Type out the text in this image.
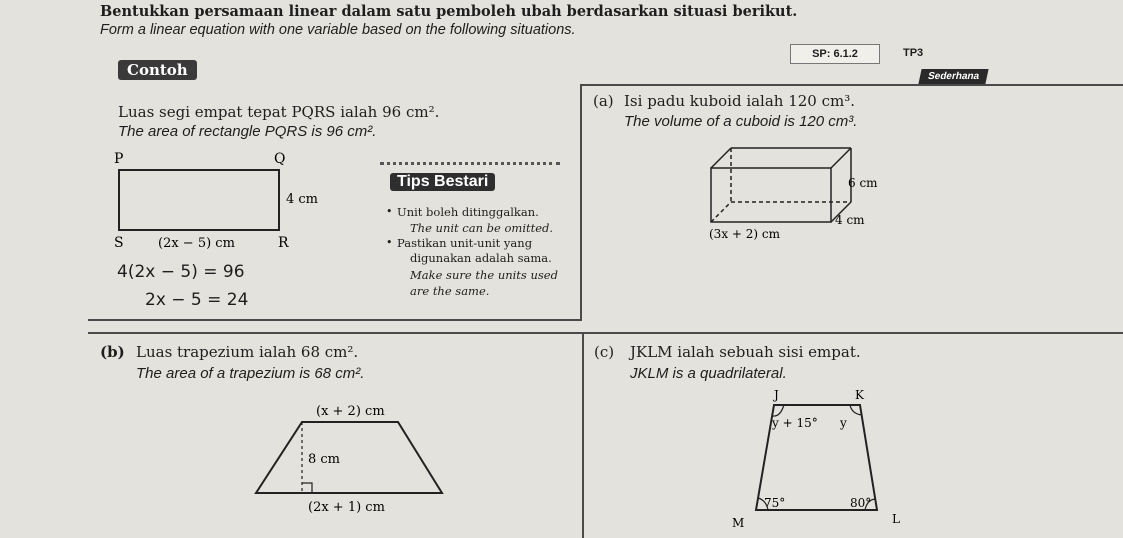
Bentukkan persamaan linear dalam satu pemboleh ubah berdasarkan situasi berikut.
Form a linear equation with one variable based on the following situations.
SP: 6.1.2	TP3
Sederhana
Contoh
Luas segi empat tepat PQRS ialah 96 cm².
The area of rectangle PQRS is 96 cm².
P	Q
S	R
4 cm
(2x − 5) cm
4(2x − 5) = 96
2x − 5 = 24
Tips Bestari
Unit boleh ditinggalkan.
•
The unit can be omitted.
• Pastikan unit-unit yang
digunakan adalah sama.
Make sure the units used
are the same.
(a) Isi padu kuboid ialah 120 cm³.
The volume of a cuboid is 120 cm³.
6 cm
4 cm
(3x + 2) cm
(b) Luas trapezium ialah 68 cm².
The area of a trapezium is 68 cm².
(x + 2) cm
8 cm
(2x + 1) cm
(c) JKLM ialah sebuah sisi empat.
JKLM is a quadrilateral.
J	K
L
M
y + 15° y
75°	80°
